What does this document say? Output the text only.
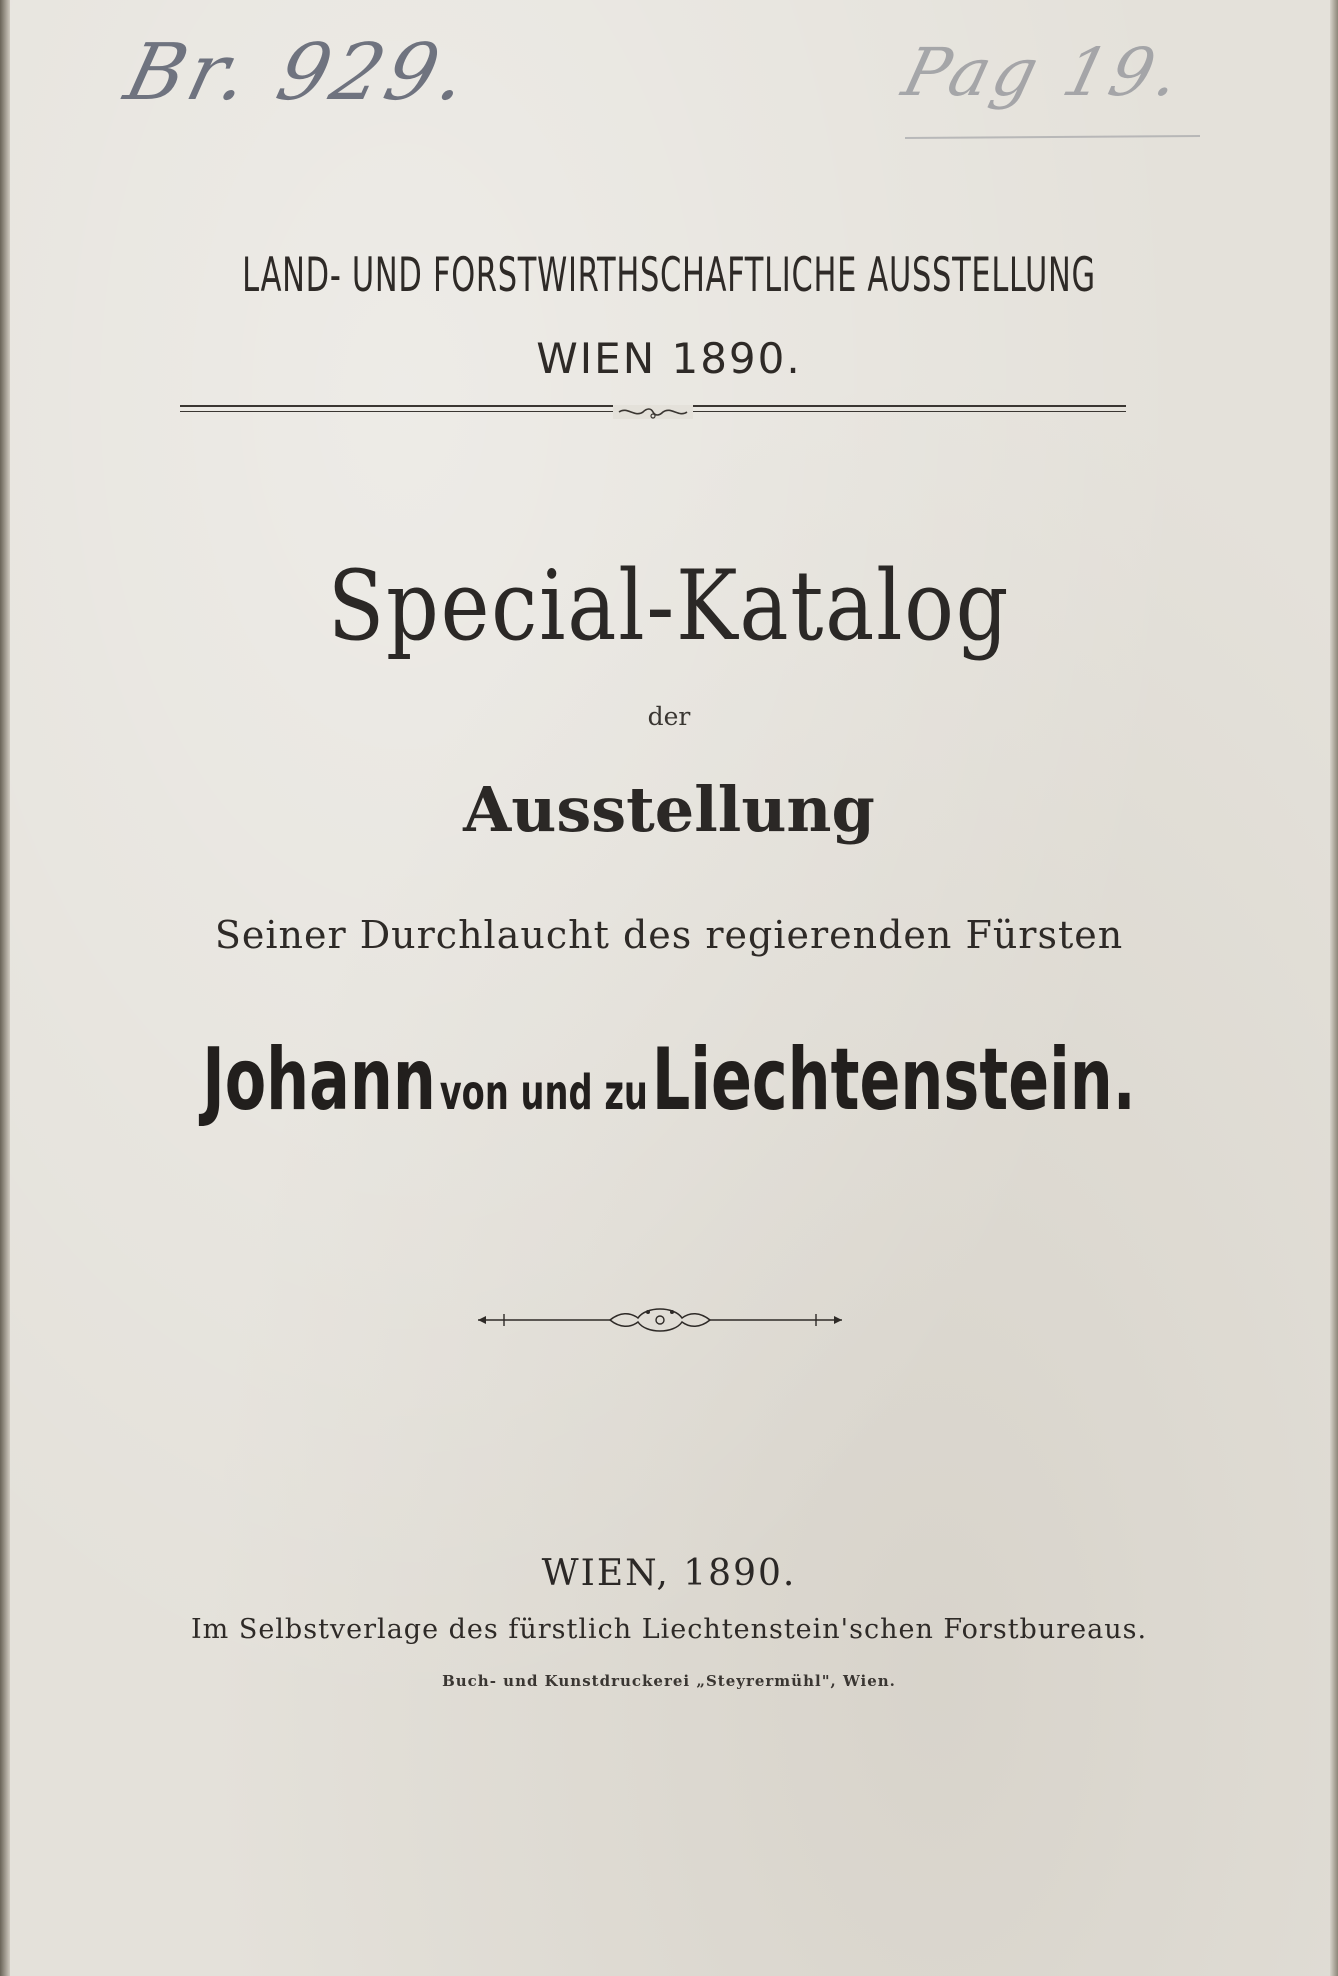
Br. 929.	Pag 19.
LAND- UND FORSTWIRTHSCHAFTLICHE AUSSTELLUNG
WIEN 1890.
Special-Katalog
der
Ausstellung
Seiner Durchlaucht des regierenden Fürsten
Johann von und zu Liechtenstein.
WIEN, 1890.
Im Selbstverlage des fürstlich Liechtenstein'schen Forstbureaus.
Buch- und Kunstdruckerei „Steyrermühl", Wien.
